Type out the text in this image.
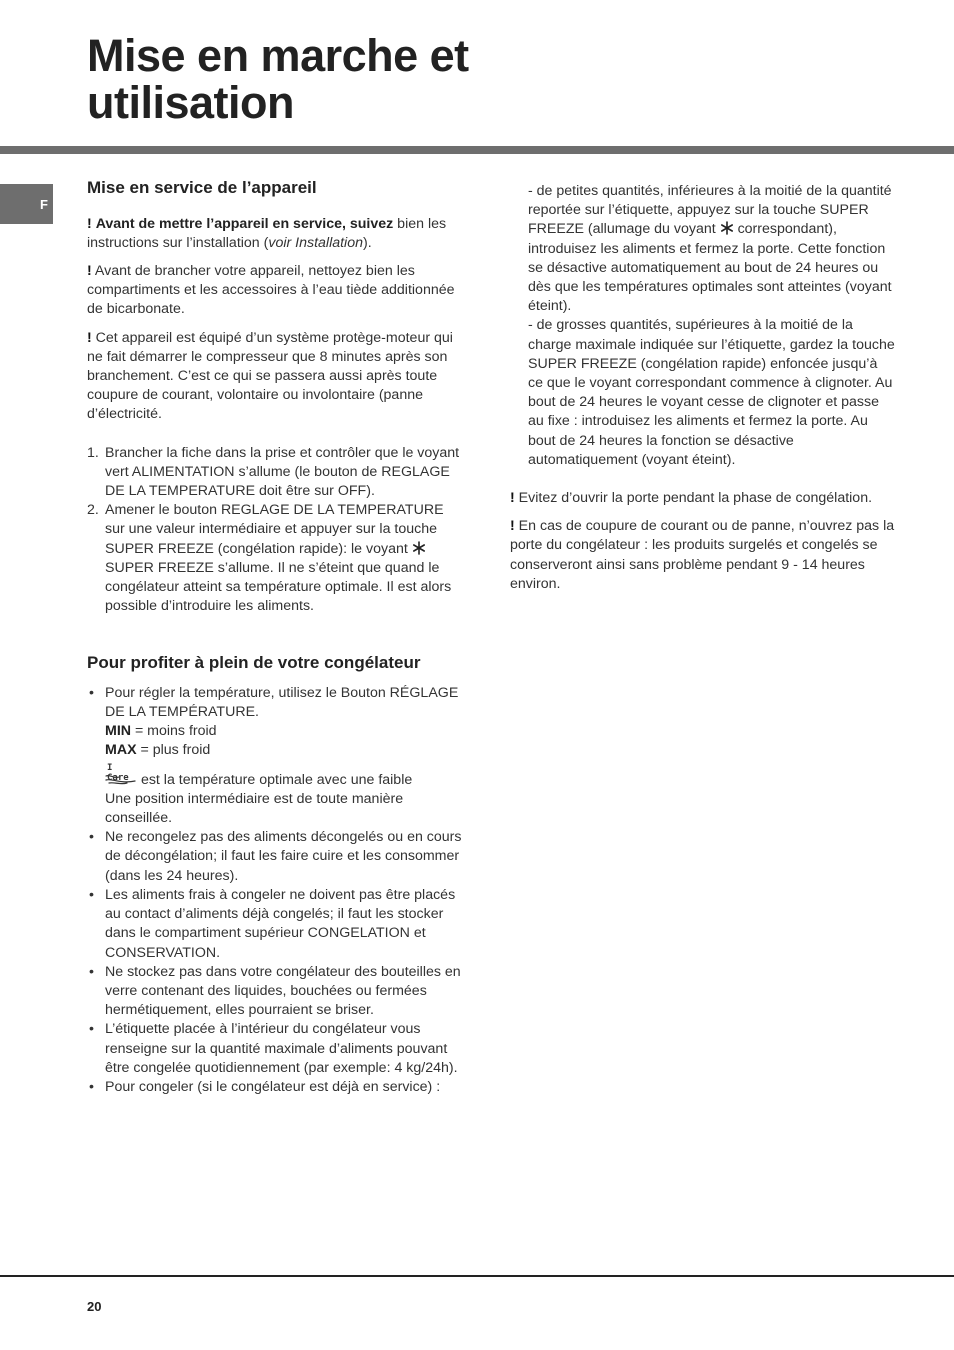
Mise en marche et
utilisation
F
Mise en service de l’appareil

! Avant de mettre l’appareil en service, suivez bien les instructions sur l’installation (voir Installation).

! Avant de brancher votre appareil, nettoyez bien les compartiments et les accessoires à l’eau tiède additionnée de bicarbonate.

! Cet appareil est équipé d’un système protège-moteur qui ne fait démarrer le compresseur que 8 minutes après son branchement. C’est ce qui se passera aussi après toute coupure de courant, volontaire ou involontaire (panne d’électricité.

1. Brancher la fiche dans la prise et contrôler que le voyant vert ALIMENTATION s’allume (le bouton de REGLAGE DE LA TEMPERATURE doit être sur OFF).
2. Amener le bouton REGLAGE DE LA TEMPERATURE sur une valeur intermédiaire et appuyer sur la touche SUPER FREEZE (congélation rapide): le voyant  SUPER FREEZE s’allume. Il ne s’éteint que quand le congélateur atteint sa température optimale. Il est alors possible d’introduire les aliments.
Pour profiter à plein de votre congélateur
• Pour régler la température, utilisez le Bouton RÉGLAGE DE LA TEMPÉRATURE.
MIN = moins froid
MAX = plus froid

I Care est la température optimale avec une faible
Une position intermédiaire est de toute manière conseillée.
• Ne recongelez pas des aliments décongelés ou en cours de décongélation; il faut les faire cuire et les consommer (dans les 24 heures).
• Les aliments frais à congeler ne doivent pas être placés au contact d’aliments déjà congelés; il faut les stocker dans le compartiment supérieur CONGELATION et CONSERVATION.
• Ne stockez pas dans votre congélateur des bouteilles en verre contenant des liquides, bouchées ou fermées hermétiquement, elles pourraient se briser.
• L’étiquette placée à l’intérieur du congélateur vous renseigne sur la quantité maximale d’aliments pouvant être congelée quotidiennement (par exemple: 4 kg/24h).
• Pour congeler (si le congélateur est déjà en service) :
- de petites quantités, inférieures à la moitié de la quantité reportée sur l’étiquette, appuyez sur la touche SUPER FREEZE (allumage du voyant  correspondant), introduisez les aliments et fermez la porte. Cette fonction se désactive automatiquement au bout de 24 heures ou dès que les températures optimales sont atteintes (voyant éteint).
- de grosses quantités, supérieures à la moitié de la charge maximale indiquée sur l’étiquette, gardez la touche SUPER FREEZE (congélation rapide) enfoncée jusqu’à ce que le voyant correspondant commence à clignoter. Au bout de 24 heures le voyant cesse de clignoter et passe au fixe : introduisez les aliments et fermez la porte. Au bout de 24 heures la fonction se désactive automatiquement (voyant éteint).

! Evitez d’ouvrir la porte pendant la phase de congélation.

! En cas de coupure de courant ou de panne, n’ouvrez pas la porte du congélateur : les produits surgelés et congelés se conserveront ainsi sans problème pendant 9 - 14 heures environ.

20
